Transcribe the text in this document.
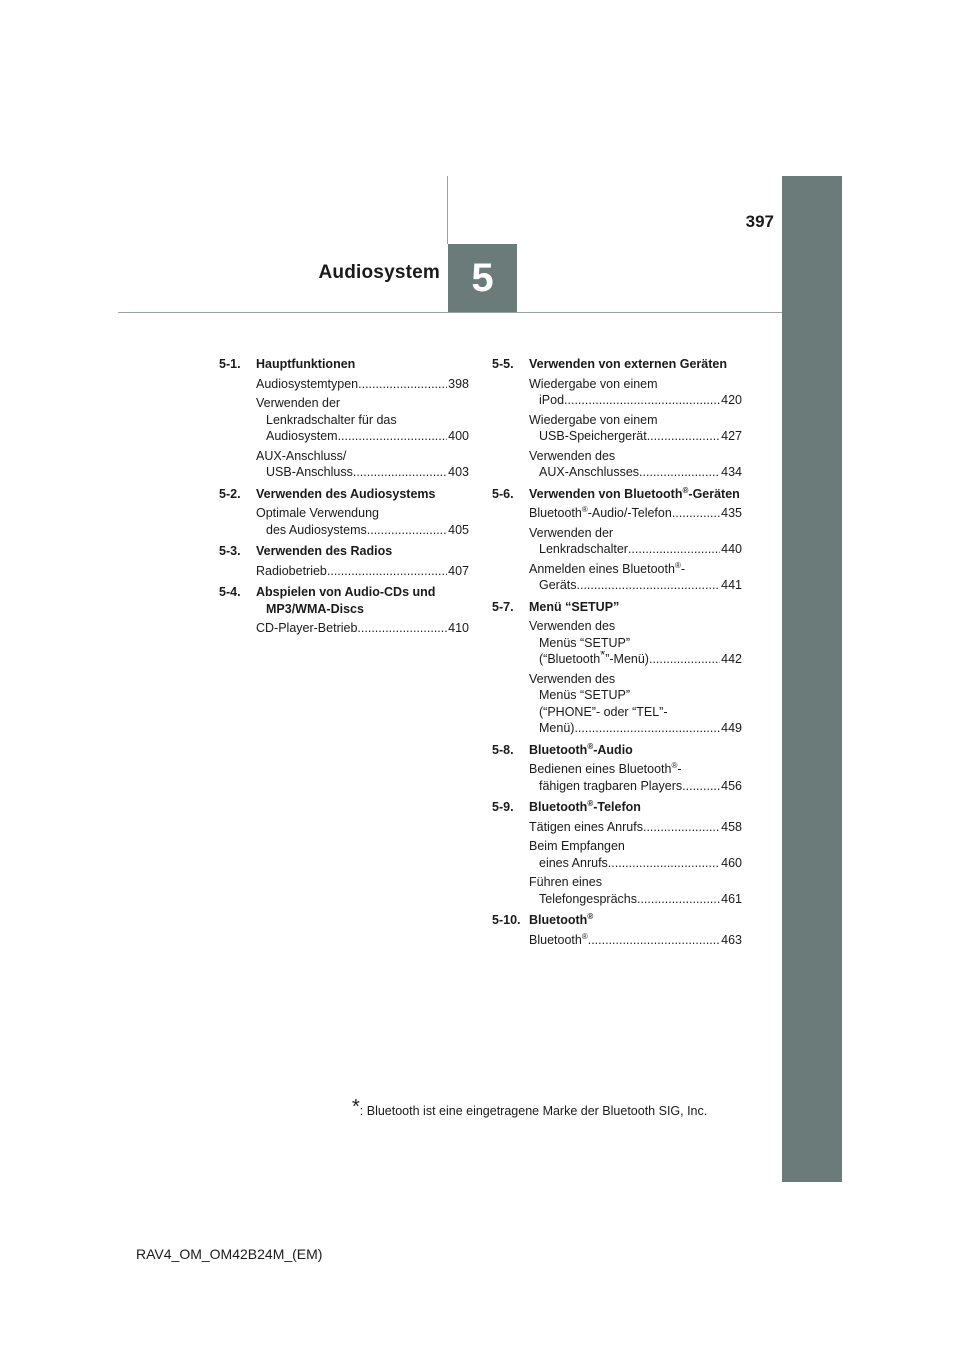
5
Audiosystem
397
5-1.	Hauptfunktionen
Audiosystemtypen .....	398
Verwenden der
Lenkradschalter für das
Audiosystem .....	400
AUX-Anschluss/
USB-Anschluss .....	403
5-2.	Verwenden des Audiosystems
Optimale Verwendung
des Audiosystems .....	405
5-3.	Verwenden des Radios
Radiobetrieb .....	407
5-4.	Abspielen von Audio-CDs und MP3/WMA-Discs
CD-Player-Betrieb .....	410
5-5.	Verwenden von externen Geräten
Wiedergabe von einem
iPod .....	420
Wiedergabe von einem
USB-Speichergerät .....	427
Verwenden des
AUX-Anschlusses .....	434
5-6.	Verwenden von Bluetooth®-Geräten
Bluetooth®-Audio/-Telefon .....	435
Verwenden der
Lenkradschalter .....	440
Anmelden eines Bluetooth®-
Geräts .....	441
5-7.	Menü “SETUP”
Verwenden des
Menüs “SETUP”
(“Bluetooth*”-Menü) .....	442
Verwenden des
Menüs “SETUP”
(“PHONE”- oder “TEL”-
Menü) .....	449
5-8.	Bluetooth®-Audio
Bedienen eines Bluetooth®-
fähigen tragbaren Players .....	456
5-9.	Bluetooth®-Telefon
Tätigen eines Anrufs .....	458
Beim Empfangen
eines Anrufs .....	460
Führen eines
Telefongesprächs .....	461
5-10. Bluetooth®
Bluetooth® .....	463
*: Bluetooth ist eine eingetragene Marke der Bluetooth SIG, Inc.
RAV4_OM_OM42B24M_(EM)
